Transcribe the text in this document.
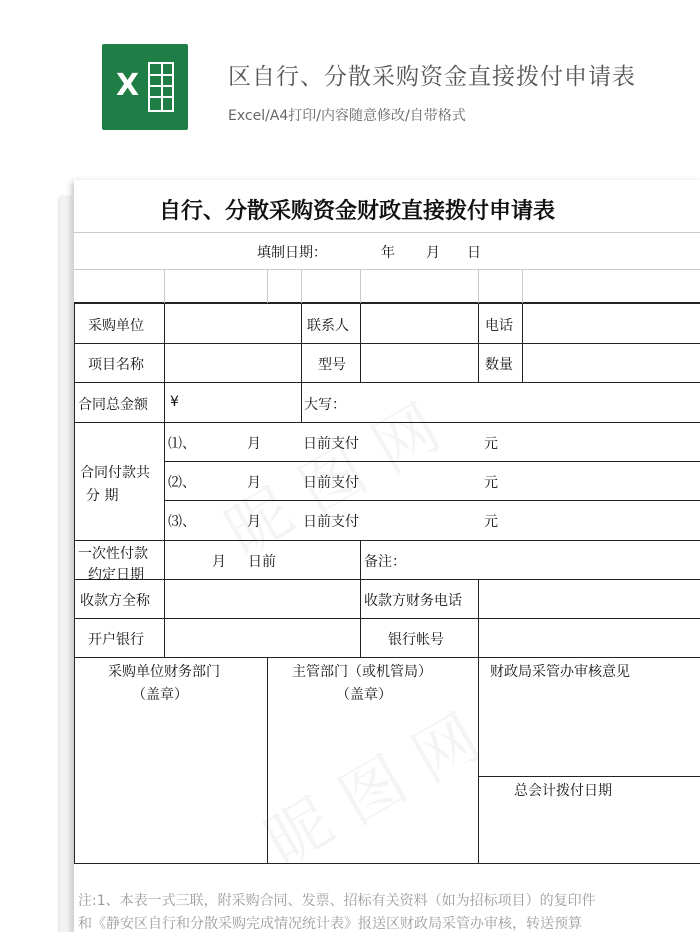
X	区自行、分散采购资金直接拨付申请表
Excel/A4打印/内容随意修改/自带格式
自行、分散采购资金财政直接拨付申请表
填制日期：	年 月 日
采购单位	联系人	电话
项目名称	型号	数量
合同总金额 ¥	大写：
合同付款共
分 期
⑴、	月	日前支付	元
⑵、	月	日前支付	元
⑶、	月	日前支付	元
一次性付款
约定日期
月 日前	备注：
收款方全称	收款方财务电话
开户银行	银行帐号
采购单位财务部门
（盖章）
主管部门（或机管局）
（盖章）
财政局采管办审核意见
总会计拨付日期
注:1、本表一式三联，附采购合同、发票、招标有关资料（如为招标项目）的复印件
和《静安区自行和分散采购完成情况统计表》报送区财政局采管办审核，转送预算
